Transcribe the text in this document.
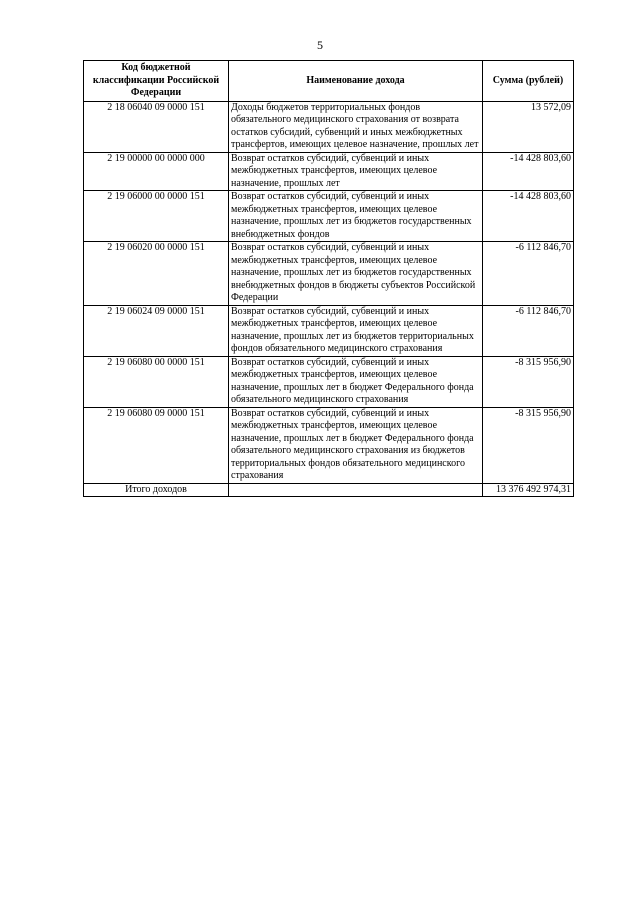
5
Код бюджетной классификации Российской Федерации	Наименование дохода	Сумма (рублей)
2 18 06040 09 0000 151	Доходы бюджетов территориальных фондов обязательного медицинского страхования от возврата остатков субсидий, субвенций и иных межбюджетных трансфертов, имеющих целевое назначение, прошлых лет	13 572,09
2 19 00000 00 0000 000	Возврат остатков субсидий, субвенций и иных межбюджетных трансфертов, имеющих целевое назначение, прошлых лет	-14 428 803,60
2 19 06000 00 0000 151	Возврат остатков субсидий, субвенций и иных межбюджетных трансфертов, имеющих целевое назначение, прошлых лет из бюджетов государственных внебюджетных фондов	-14 428 803,60
2 19 06020 00 0000 151	Возврат остатков субсидий, субвенций и иных межбюджетных трансфертов, имеющих целевое назначение, прошлых лет из бюджетов государственных внебюджетных фондов в бюджеты субъектов Российской Федерации	-6 112 846,70
2 19 06024 09 0000 151	Возврат остатков субсидий, субвенций и иных межбюджетных трансфертов, имеющих целевое назначение, прошлых лет из бюджетов территориальных фондов обязательного медицинского страхования	-6 112 846,70
2 19 06080 00 0000 151	Возврат остатков субсидий, субвенций и иных межбюджетных трансфертов, имеющих целевое назначение, прошлых лет в бюджет Федерального фонда обязательного медицинского страхования	-8 315 956,90
2 19 06080 09 0000 151	Возврат остатков субсидий, субвенций и иных межбюджетных трансфертов, имеющих целевое назначение, прошлых лет в бюджет Федерального фонда обязательного медицинского страхования из бюджетов территориальных фондов обязательного медицинского страхования	-8 315 956,90
Итого доходов		13 376 492 974,31
